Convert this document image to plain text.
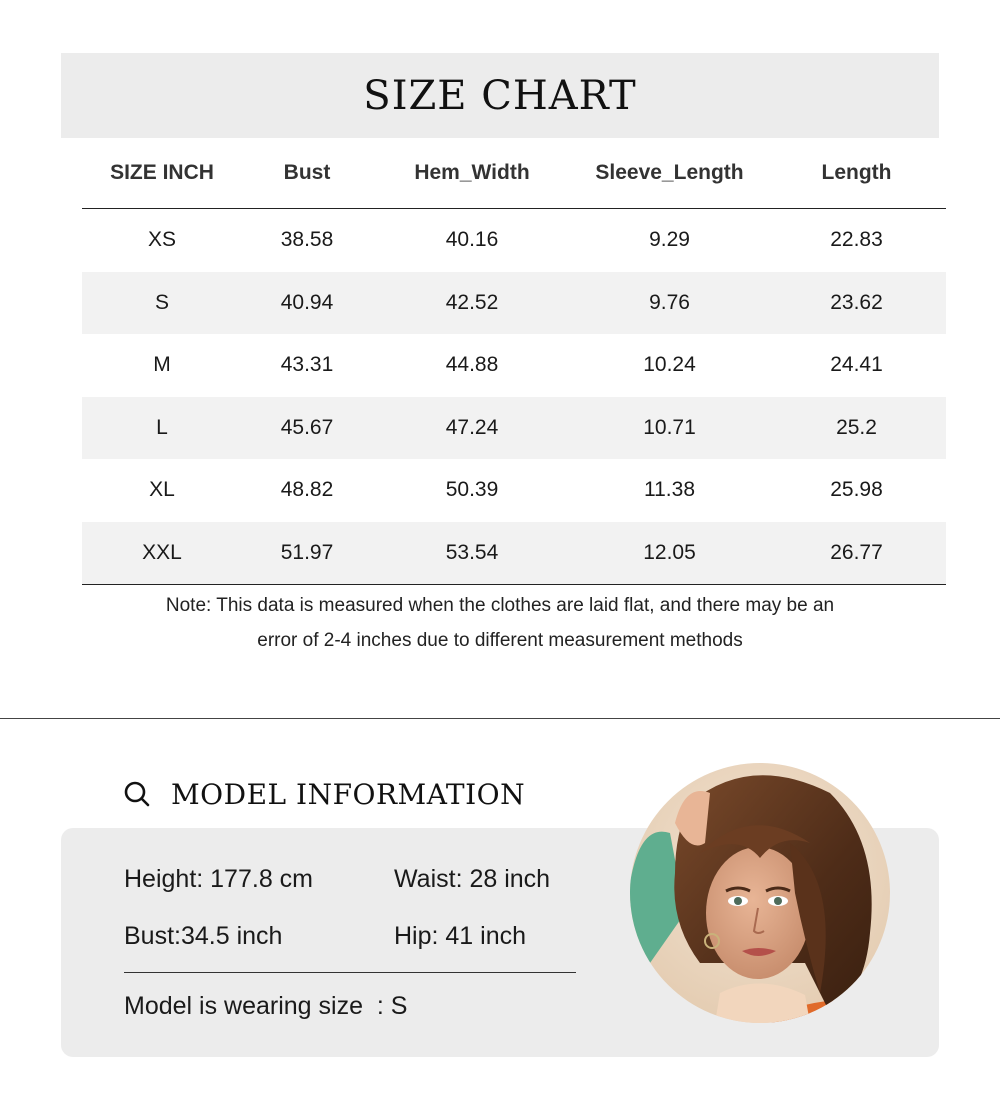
SIZE CHART
SIZE INCH	Bust	Hem_Width	Sleeve_Length	Length
XS	38.58	40.16	9.29	22.83
S	40.94	42.52	9.76	23.62
M	43.31	44.88	10.24	24.41
L	45.67	47.24	10.71	25.2
XL	48.82	50.39	11.38	25.98
XXL	51.97	53.54	12.05	26.77
Note: This data is measured when the clothes are laid flat, and there may be an
error of 2-4 inches due to different measurement methods
MODEL INFORMATION
Height: 177.8 cm	Waist: 28 inch
Bust:34.5 inch	Hip: 41 inch
Model is wearing size  : S
